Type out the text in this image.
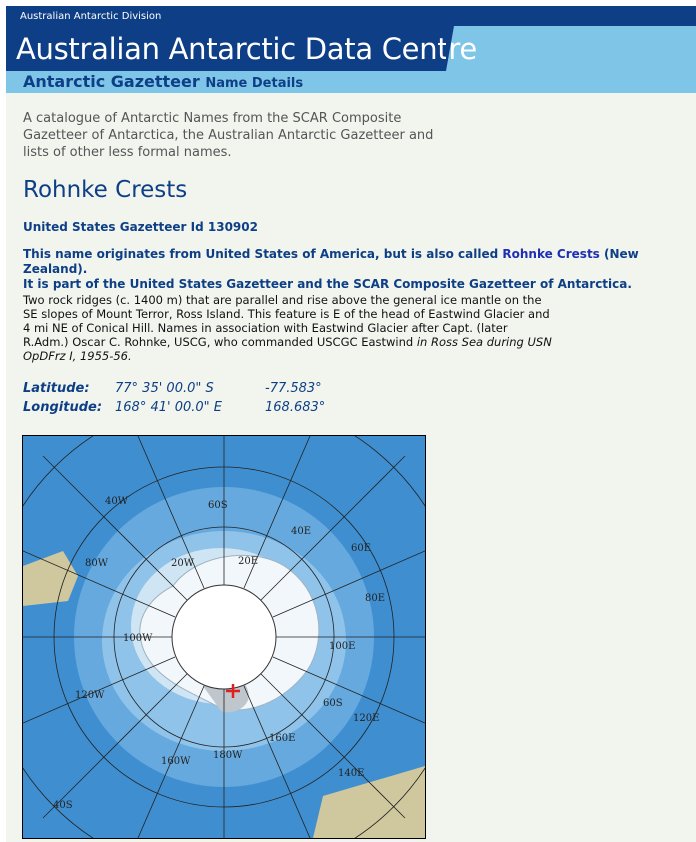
Australian Antarctic Division
Australian Antarctic Data Centre
Antarctic Gazetteer Name Details
A catalogue of Antarctic Names from the SCAR Composite Gazetteer of Antarctica, the Australian Antarctic Gazetteer and lists of other less formal names.
Rohnke Crests
United States Gazetteer Id 130902
This name originates from United States of America, but is also called Rohnke Crests (New Zealand).
It is part of the United States Gazetteer and the SCAR Composite Gazetteer of Antarctica.
Two rock ridges (c. 1400 m) that are parallel and rise above the general ice mantle on the SE slopes of Mount Terror, Ross Island. This feature is E of the head of Eastwind Glacier and 4 mi NE of Conical Hill. Names in association with Eastwind Glacier after Capt. (later R.Adm.) Oscar C. Rohnke, USCG, who commanded USCGC Eastwind in Ross Sea during USN OpDFrz I, 1955-56.
Latitude: 77° 35' 00.0" S	-77.583°
Longitude: 168° 41' 00.0" E	168.683°
40W	60S
40E
20E
20W
60E
80W
80E
100W
100E
120W
60S
120E
160E
160W
180W
140E
40S
